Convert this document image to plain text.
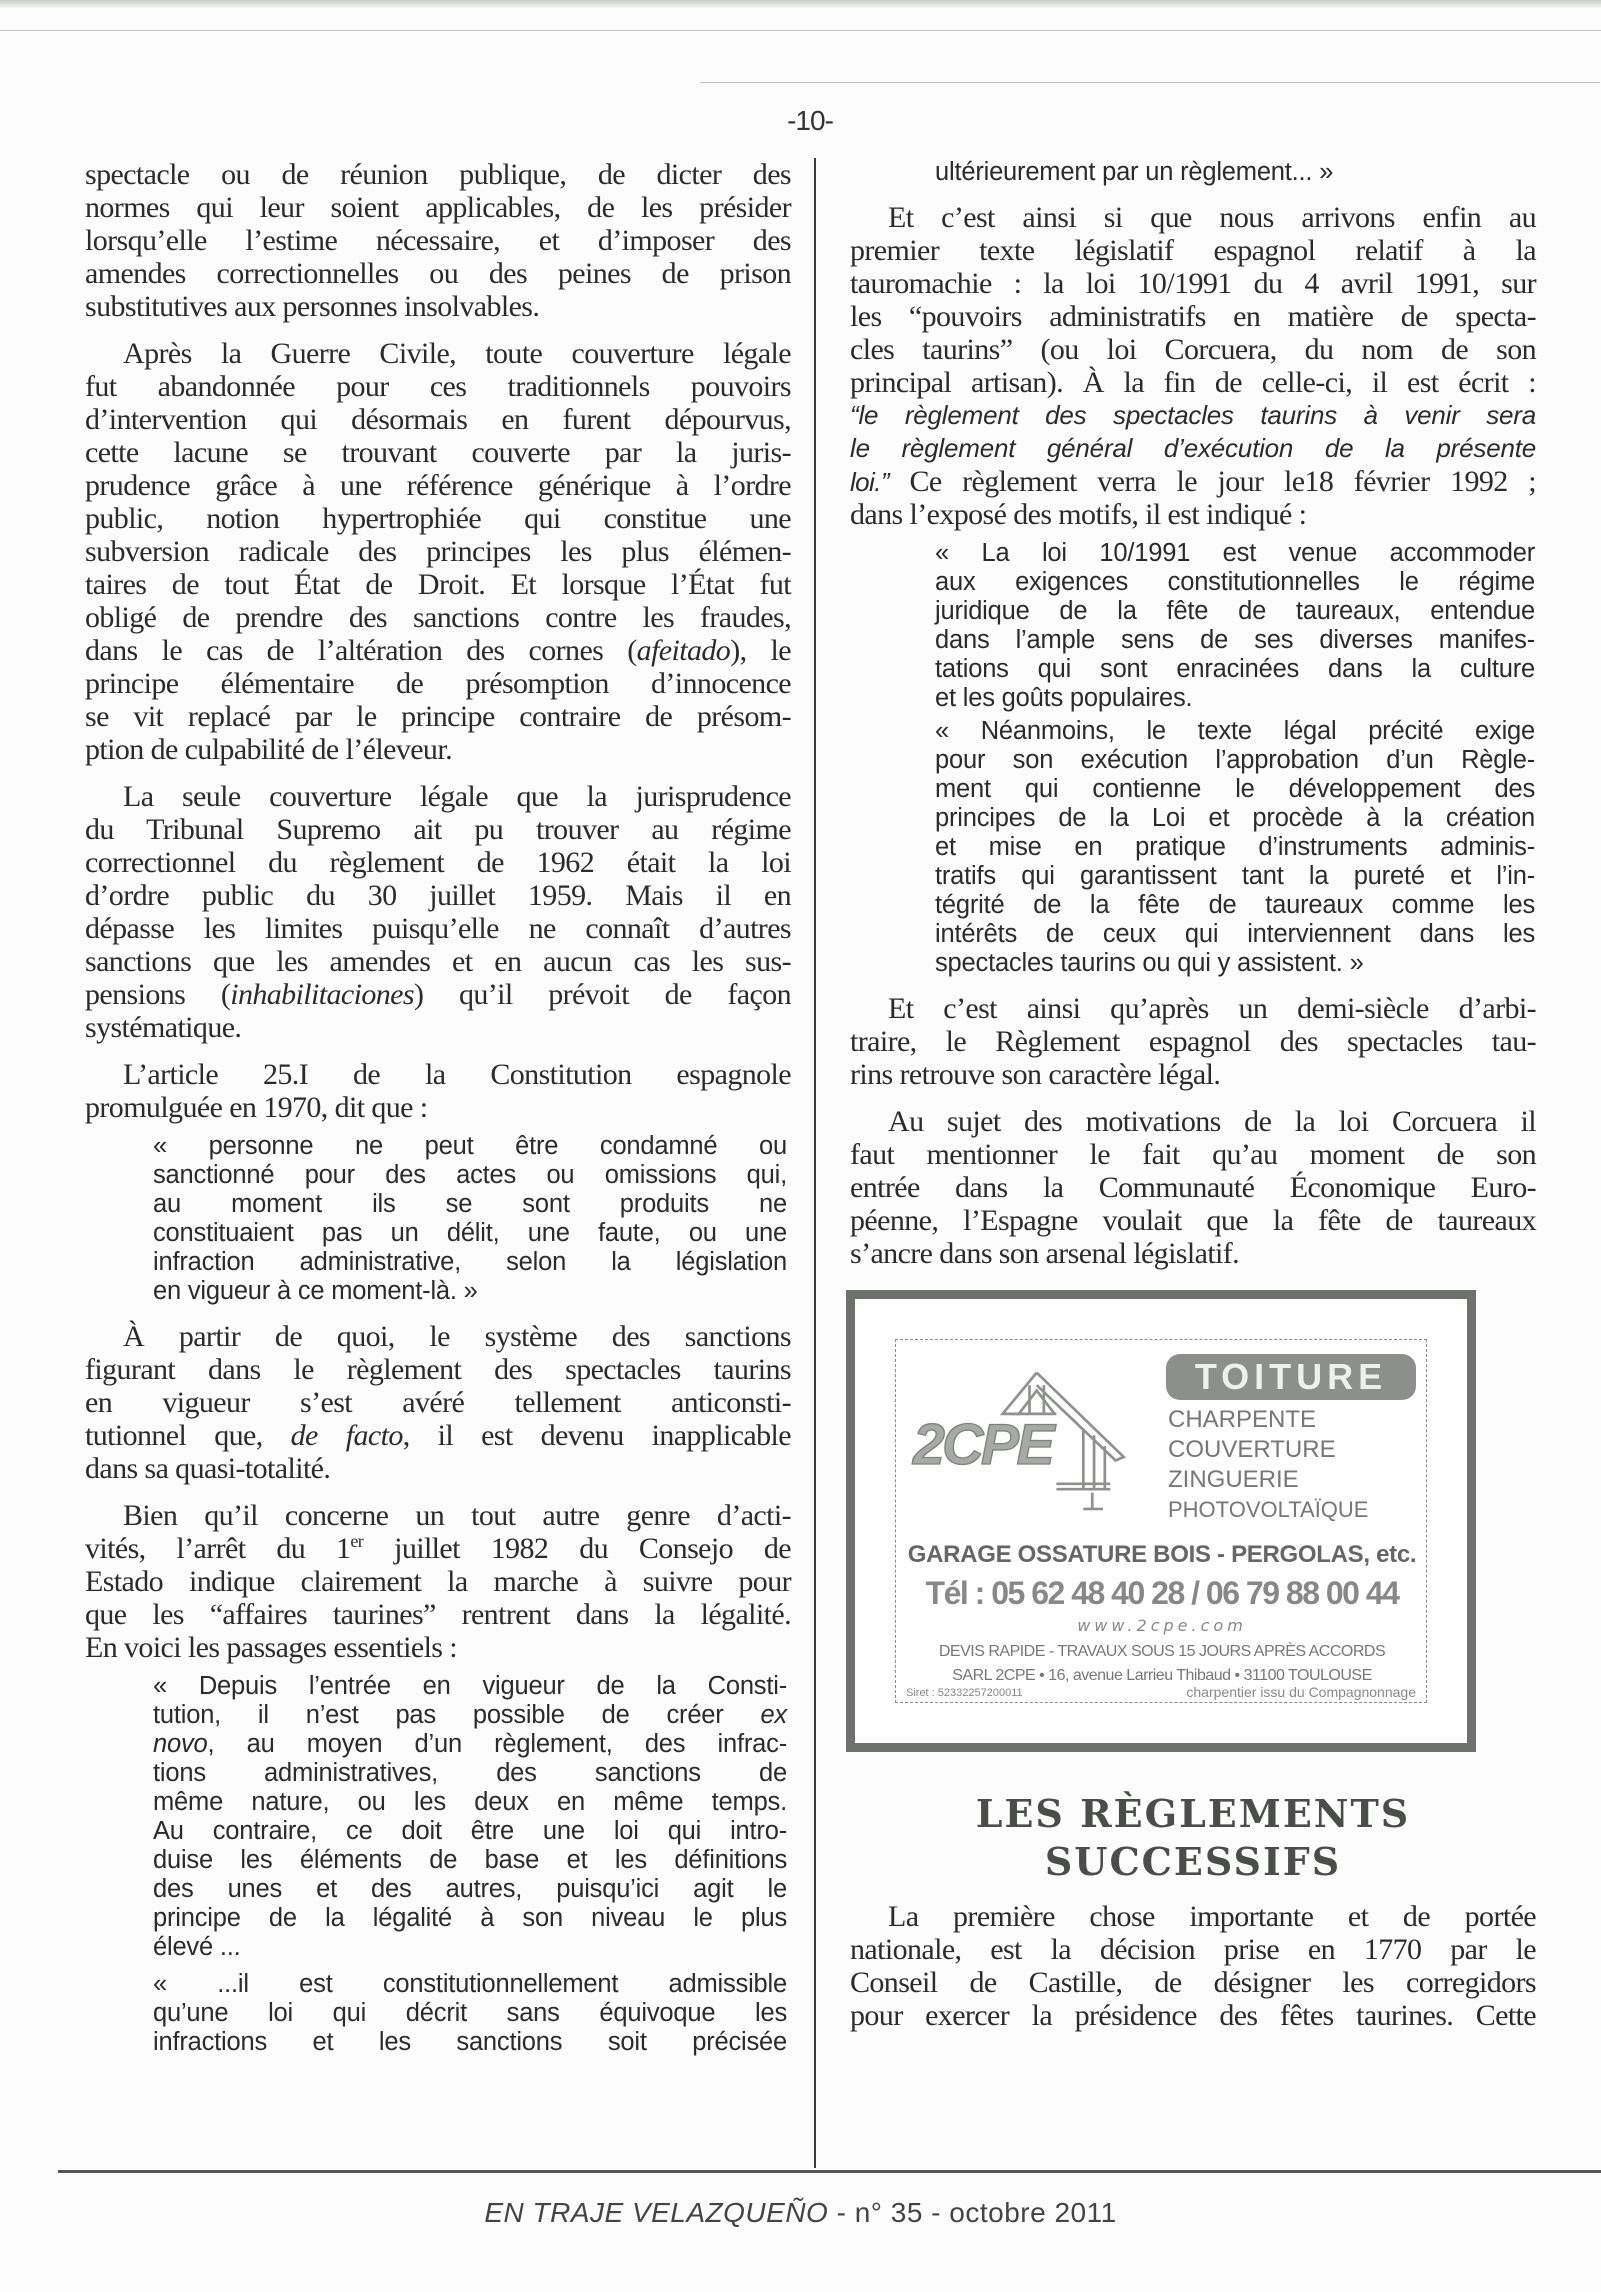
-10-
spectacle ou de réunion publique, de dicter des
normes qui leur soient applicables, de les présider
lorsqu’elle l’estime nécessaire, et d’imposer des
amendes correctionnelles ou des peines de prison
substitutives aux personnes insolvables.
Après la Guerre Civile, toute couverture légale
fut abandonnée pour ces traditionnels pouvoirs
d’intervention qui désormais en furent dépourvus,
cette lacune se trouvant couverte par la juris-
prudence grâce à une référence générique à l’ordre
public, notion hypertrophiée qui constitue une
subversion radicale des principes les plus élémen-
taires de tout État de Droit. Et lorsque l’État fut
obligé de prendre des sanctions contre les fraudes,
dans le cas de l’altération des cornes (afeitado), le
principe élémentaire de présomption d’innocence
se vit replacé par le principe contraire de présom-
ption de culpabilité de l’éleveur.
La seule couverture légale que la jurisprudence
du Tribunal Supremo ait pu trouver au régime
correctionnel du règlement de 1962 était la loi
d’ordre public du 30 juillet 1959. Mais il en
dépasse les limites puisqu’elle ne connaît d’autres
sanctions que les amendes et en aucun cas les sus-
pensions (inhabilitaciones) qu’il prévoit de façon
systématique.
L’article 25.I de la Constitution espagnole
promulguée en 1970, dit que :
« personne ne peut être condamné ou
sanctionné pour des actes ou omissions qui,
au moment ils se sont produits ne
constituaient pas un délit, une faute, ou une
infraction administrative, selon la législation
en vigueur à ce moment-là. »
À partir de quoi, le système des sanctions
figurant dans le règlement des spectacles taurins
en vigueur s’est avéré tellement anticonsti-
tutionnel que, de facto, il est devenu inapplicable
dans sa quasi-totalité.
Bien qu’il concerne un tout autre genre d’acti-
vités, l’arrêt du 1er juillet 1982 du Consejo de
Estado indique clairement la marche à suivre pour
que les “affaires taurines” rentrent dans la légalité.
En voici les passages essentiels :
« Depuis l’entrée en vigueur de la Consti-
tution, il n’est pas possible de créer ex
novo, au moyen d’un règlement, des infrac-
tions administratives, des sanctions de
même nature, ou les deux en même temps.
Au contraire, ce doit être une loi qui intro-
duise les éléments de base et les définitions
des unes et des autres, puisqu’ici agit le
principe de la légalité à son niveau le plus
élevé ...
« ...il est constitutionnellement admissible
qu’une loi qui décrit sans équivoque les
infractions et les sanctions soit précisée
ultérieurement par un règlement... »
Et c’est ainsi si que nous arrivons enfin au
premier texte législatif espagnol relatif à la
tauromachie : la loi 10/1991 du 4 avril 1991, sur
les “pouvoirs administratifs en matière de specta-
cles taurins” (ou loi Corcuera, du nom de son
principal artisan). À la fin de celle-ci, il est écrit :
“le règlement des spectacles taurins à venir sera
le règlement général d’exécution de la présente
loi.” Ce règlement verra le jour le18 février 1992 ;
dans l’exposé des motifs, il est indiqué :
« La loi 10/1991 est venue accommoder
aux exigences constitutionnelles le régime
juridique de la fête de taureaux, entendue
dans l’ample sens de ses diverses manifes-
tations qui sont enracinées dans la culture
et les goûts populaires.
« Néanmoins, le texte légal précité exige
pour son exécution l’approbation d’un Règle-
ment qui contienne le développement des
principes de la Loi et procède à la création
et mise en pratique d’instruments adminis-
tratifs qui garantissent tant la pureté et l’in-
tégrité de la fête de taureaux comme les
intérêts de ceux qui interviennent dans les
spectacles taurins ou qui y assistent. »
Et c’est ainsi qu’après un demi-siècle d’arbi-
traire, le Règlement espagnol des spectacles tau-
rins retrouve son caractère légal.
Au sujet des motivations de la loi Corcuera il
faut mentionner le fait qu’au moment de son
entrée dans la Communauté Économique Euro-
péenne, l’Espagne voulait que la fête de taureaux
s’ancre dans son arsenal législatif.
2CPE
TOITURE
CHARPENTE
COUVERTURE
ZINGUERIE
PHOTOVOLTAÏQUE
GARAGE OSSATURE BOIS - PERGOLAS, etc.
Tél : 05 62 48 40 28 / 06 79 88 00 44
www.2cpe.com
DEVIS RAPIDE - TRAVAUX SOUS 15 JOURS APRÈS ACCORDS
SARL 2CPE • 16, avenue Larrieu Thibaud • 31100 TOULOUSE
Siret : 52332257200011	charpentier issu du Compagnonnage
LES RÈGLEMENTS
SUCCESSIFS
La première chose importante et de portée
nationale, est la décision prise en 1770 par le
Conseil de Castille, de désigner les corregidors
pour exercer la présidence des fêtes taurines. Cette
EN TRAJE VELAZQUEÑO - n° 35 - octobre 2011
